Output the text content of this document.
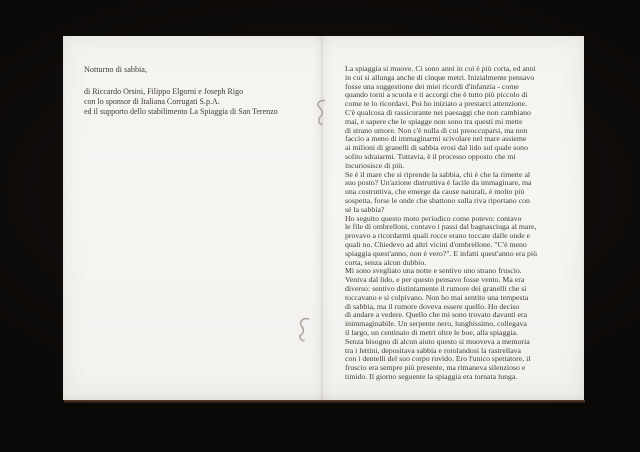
Notturno di sabbia,
di Riccardo Orsini, Filippo Elgorni e Joseph Rigo
con lo sponsor di Italiana Corrugati S.p.A.
ed il supporto dello stabilimento La Spiaggia di San Terenzo
La spiaggia si muove. Ci sono anni in cui è più corta, ed anni
in cui si allunga anche di cinque metri. Inizialmente pensavo
fosse una suggestione dei miei ricordi d'infanzia - come
quando torni a scuola e ti accorgi che è tutto più piccolo di
come te lo ricordavi. Poi ho iniziato a prestarci attenzione.
C'è qualcosa di rassicurante nei paesaggi che non cambiano
mai, e sapere che le spiagge non sono tra questi mi mette
di strano umore. Non c'è nulla di cui preoccuparsi, ma non
faccio a meno di immaginarmi scivolare nel mare assieme
ai milioni di granelli di sabbia erosi dal lido sul quale sono
solito sdraiarmi. Tuttavia, è il processo opposto che mi
incuriosisce di più.
Se è il mare che si riprende la sabbia, chi è che la rimette al
suo posto? Un'azione distruttiva è facile da immaginare, ma
una costruttiva, che emerge da cause naturali, è molto più
sospetta, forse le onde che sbattono sulla riva riportano con
sé la sabbia?
Ho seguito questo moto periodico come potevo: contavo
le file di ombrelloni, contavo i passi dal bagnasciuga al mare,
provavo a ricordarmi quali rocce erano toccate dalle onde e
quali no. Chiedevo ad altri vicini d'ombrellone. "C'è meno
spiaggia quest'anno, non è vero?". E infatti quest'anno era più
corta, senza alcun dubbio.
Mi sono svegliato una notte e sentivo uno strano fruscio.
Veniva dal lido, e per questo pensavo fosse vento. Ma era
diverso: sentivo distintamente il rumore dei granelli che si
toccavano e si colpivano. Non ho mai sentito una tempesta
di sabbia, ma il rumore doveva essere quello. Ho deciso
di andare a vedere. Quello che mi sono trovato davanti era
inimmaginabile. Un serpente nero, lunghissimo, collegava
il largo, un centinaio di metri oltre le boe, alla spiaggia.
Senza bisogno di alcun aiuto questo si muoveva a memoria
tra i lettini, depositava sabbia e rotolandosi la rastrellava
con i dentelli del suo corpo ruvido. Ero l'unico spettatore, il
fruscio era sempre più presente, ma rimaneva silenzioso e
timido. Il giorno seguente la spiaggia era tornata lunga.
